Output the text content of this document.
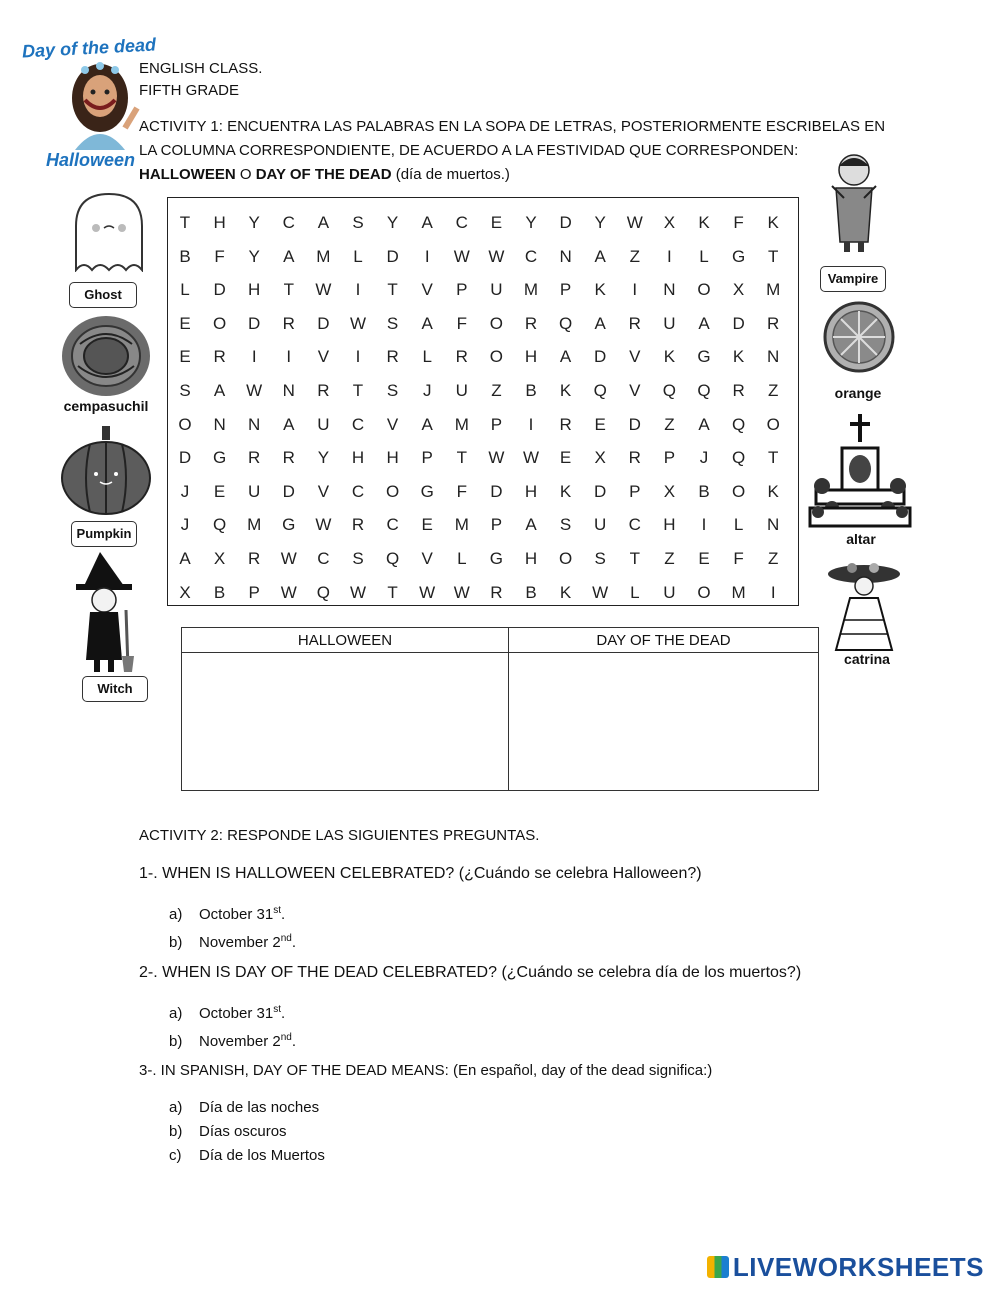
Day of the dead
Halloween
ENGLISH CLASS.
FIFTH GRADE
ACTIVITY 1: ENCUENTRA LAS PALABRAS EN LA SOPA DE LETRAS, POSTERIORMENTE ESCRIBELAS EN
LA COLUMNA CORRESPONDIENTE, DE ACUERDO A LA FESTIVIDAD QUE CORRESPONDEN:
HALLOWEEN O DAY OF THE DEAD (día de muertos.)
Ghost
cempasuchil
Pumpkin
Witch
Vampire
orange
altar
catrina
T	H	Y	C	A	S	Y	A	C	E	Y	D	Y	W	X	K	F	K
B	F	Y	A	M	L	D	I	W	W	C	N	A	Z	I	L	G	T
L	D	H	T	W	I	T	V	P	U	M	P	K	I	N	O	X	M
E	O	D	R	D	W	S	A	F	O	R	Q	A	R	U	A	D	R
E	R	I	I	V	I	R	L	R	O	H	A	D	V	K	G	K	N
S	A	W	N	R	T	S	J	U	Z	B	K	Q	V	Q	Q	R	Z
O	N	N	A	U	C	V	A	M	P	I	R	E	D	Z	A	Q	O
D	G	R	R	Y	H	H	P	T	W	W	E	X	R	P	J	Q	T
J	E	U	D	V	C	O	G	F	D	H	K	D	P	X	B	O	K
J	Q	M	G	W	R	C	E	M	P	A	S	U	C	H	I	L	N
A	X	R	W	C	S	Q	V	L	G	H	O	S	T	Z	E	F	Z
X	B	P	W	Q	W	T	W	W	R	B	K	W	L	U	O	M	I
HALLOWEEN	DAY OF THE DEAD

ACTIVITY 2: RESPONDE LAS SIGUIENTES PREGUNTAS.
1-. WHEN IS HALLOWEEN CELEBRATED? (¿Cuándo se celebra Halloween?)
a) October 31st.
b) November 2nd.
2-. WHEN IS DAY OF THE DEAD CELEBRATED? (¿Cuándo se celebra día de los muertos?)
a) October 31st.
b) November 2nd.
3-. IN SPANISH, DAY OF THE DEAD MEANS: (En español, day of the dead significa:)
a) Día de las noches
b) Días oscuros
c) Día de los Muertos
LIVEWORKSHEETS
